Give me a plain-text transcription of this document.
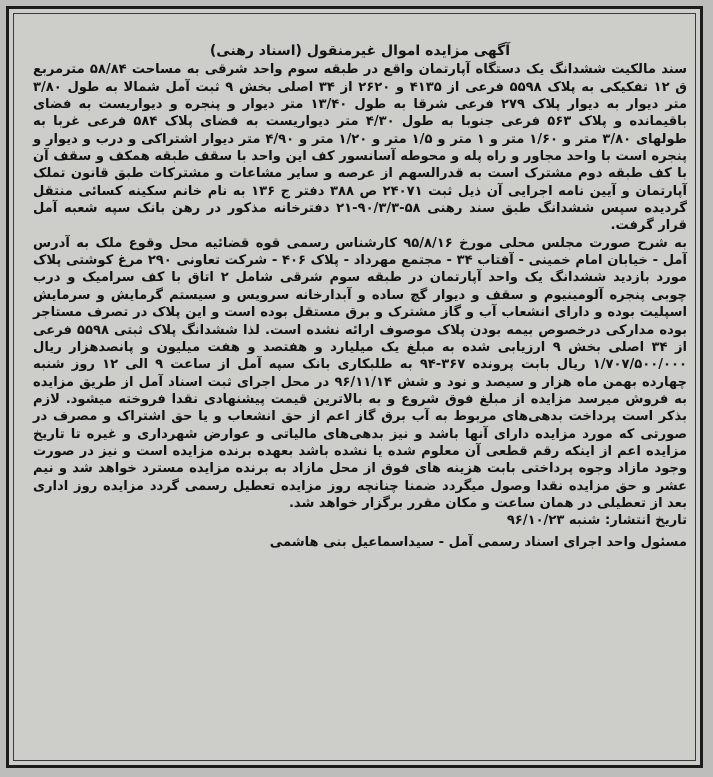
آگهی مزایده اموال غیرمنقول (اسناد رهنی)

سند مالکیت ششدانگ یک دستگاه آپارتمان واقع در طبقه سوم واحد شرقی به مساحت ۵۸/۸۴ مترمربع ق ۱۲ تفکیکی به پلاک ۵۵۹۸ فرعی از ۴۱۳۵ و ۲۶۲۰ از ۳۴ اصلی بخش ۹ ثبت آمل شمالا به طول ۳/۸۰ متر دیوار به دیوار پلاک ۲۷۹ فرعی شرقا به طول ۱۳/۴۰ متر دیوار و پنجره و دیواریست به فضای باقیمانده و پلاک ۵۶۳ فرعی جنوبا به طول ۴/۳۰ متر دیواریست به فضای پلاک ۵۸۴ فرعی غربا به طولهای ۳/۸۰ متر و ۱/۶۰ متر و ۱ متر و ۱/۵ متر و ۱/۲۰ متر و ۴/۹۰ متر دیوار اشتراکی و درب و دیوار و پنجره است با واحد مجاور و راه پله و محوطه آسانسور کف این واحد با سقف طبقه همکف و سقف آن با کف طبقه دوم مشترک است به قدرالسهم از عرصه و سایر مشاعات و مشترکات طبق قانون تملک آپارتمان و آیین نامه اجرایی آن ذیل ثبت ۲۴۰۷۱ ص ۳۸۸ دفتر ج ۱۳۶ به نام خانم سکینه کسائی منتقل گردیده سپس ششدانگ طبق سند رهنی ۵۸-۹۰/۳/۳-۲۱ دفترخانه مذکور در رهن بانک سپه شعبه آمل قرار گرفت.

به شرح صورت مجلس محلی مورخ ۹۵/۸/۱۶ کارشناس رسمی قوه قضائیه محل وقوع ملک به آدرس آمل - خیابان امام خمینی - آفتاب ۳۴ - مجتمع مهرداد - پلاک ۴۰۶ - شرکت تعاونی ۲۹۰ مرغ کوشتی پلاک مورد بازدید ششدانگ یک واحد آپارتمان در طبقه سوم شرقی شامل ۲ اتاق با کف سرامیک و درب چوبی پنجره آلومینیوم و سقف و دیوار گچ ساده و آبدارخانه سرویس و سیستم گرمایش و سرمایش اسپلیت بوده و دارای انشعاب آب و گاز مشترک و برق مستقل بوده است و این پلاک در تصرف مستاجر بوده مدارکی درخصوص بیمه بودن پلاک موصوف ارائه نشده است. لذا ششدانگ پلاک ثبتی ۵۵۹۸ فرعی از ۳۴ اصلی بخش ۹ ارزیابی شده به مبلغ یک میلیارد و هفتصد و هفت میلیون و پانصدهزار ریال ۱/۷۰۷/۵۰۰/۰۰۰ ریال بابت پرونده ۳۶۷-۹۴ به طلبکاری بانک سپه آمل از ساعت ۹ الی ۱۲ روز شنبه چهارده بهمن ماه هزار و سیصد و نود و شش ۹۶/۱۱/۱۴ در محل اجرای ثبت اسناد آمل از طریق مزایده به فروش میرسد مزایده از مبلغ فوق شروع و به بالاترین قیمت پیشنهادی نقدا فروخته میشود. لازم بذکر است پرداخت بدهی‌های مربوط به آب برق گاز اعم از حق انشعاب و یا حق اشتراک و مصرف در صورتی که مورد مزایده دارای آنها باشد و نیز بدهی‌های مالیاتی و عوارض شهرداری و غیره تا تاریخ مزایده اعم از اینکه رقم قطعی آن معلوم شده یا نشده باشد بعهده برنده مزایده است و نیز در صورت وجود مازاد وجوه پرداختی بابت هزینه های فوق از محل مازاد به برنده مزایده مسترد خواهد شد و نیم عشر و حق مزایده نقدا وصول میگردد ضمنا چنانچه روز مزایده تعطیل رسمی گردد مزایده روز اداری بعد از تعطیلی در همان ساعت و مکان مقرر برگزار خواهد شد.

تاریخ انتشار: شنبه ۹۶/۱۰/۲۳

مسئول واحد اجرای اسناد رسمی آمل - سیداسماعیل بنی هاشمی
